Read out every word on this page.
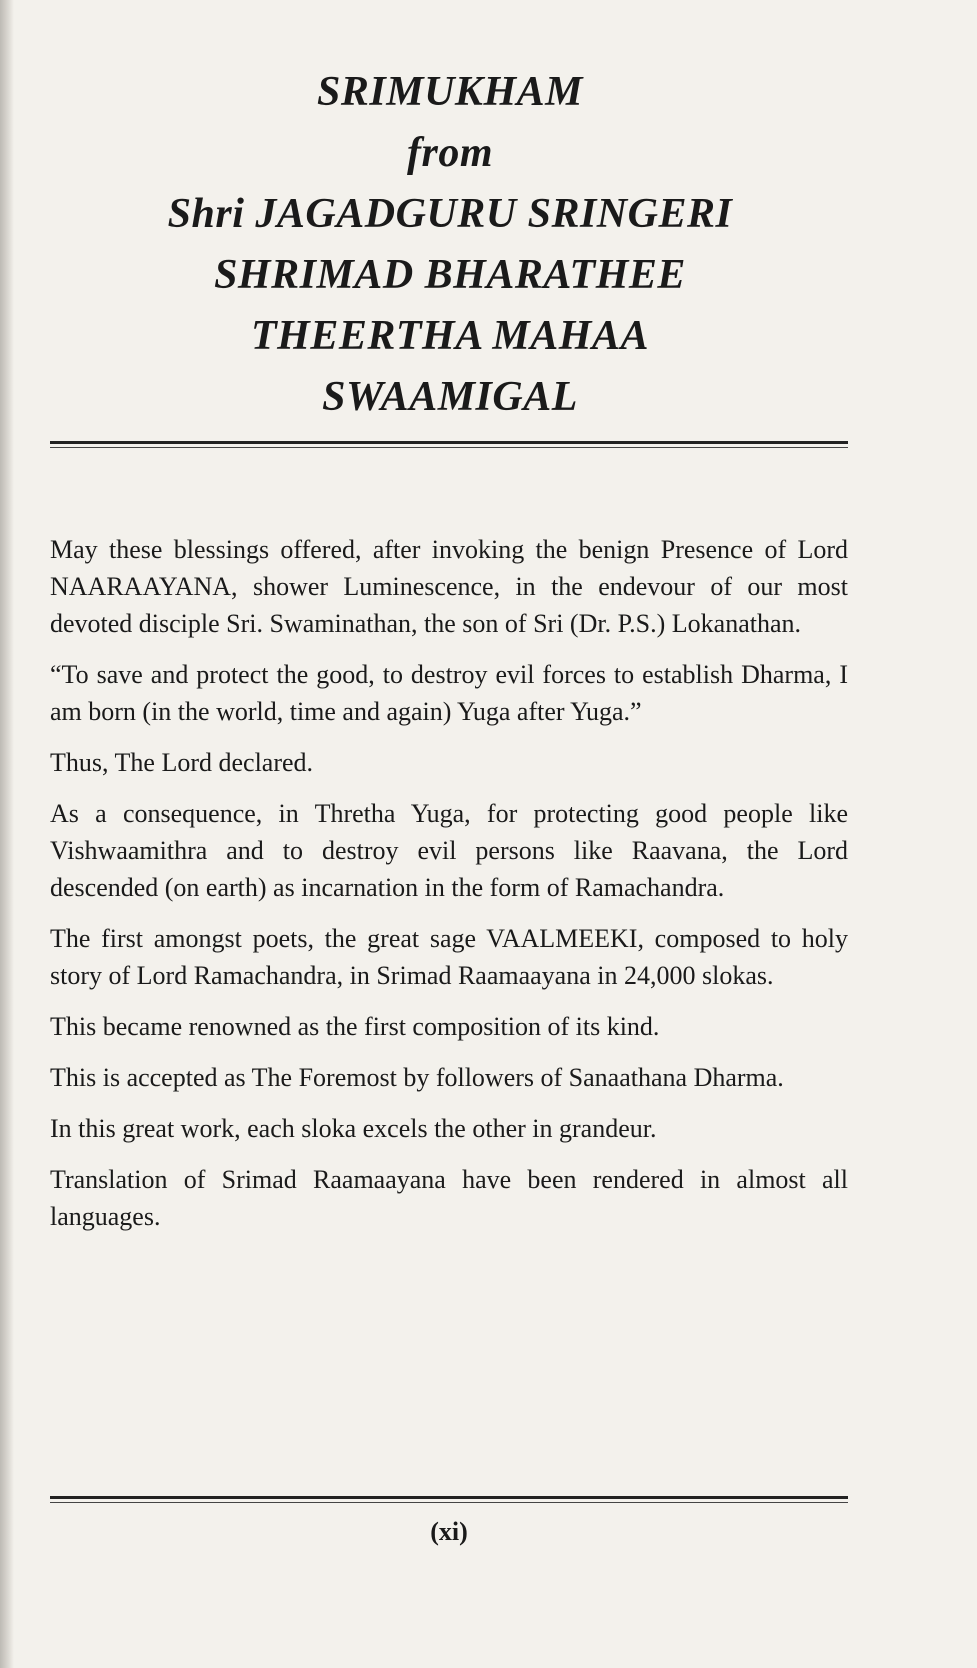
SRIMUKHAM
from
Shri JAGADGURU SRINGERI
SHRIMAD BHARATHEE
THEERTHA MAHAA
SWAAMIGAL

May these blessings offered, after invoking the benign Presence of Lord NAARAAYANA, shower Luminescence, in the endevour of our most devoted disciple Sri. Swaminathan, the son of Sri (Dr. P.S.) Lokanathan.

“To save and protect the good, to destroy evil forces to establish Dharma, I am born (in the world, time and again) Yuga after Yuga.”

Thus, The Lord declared.

As a consequence, in Thretha Yuga, for protecting good people like Vishwaamithra and to destroy evil persons like Raavana, the Lord descended (on earth) as incarnation in the form of Ramachandra.

The first amongst poets, the great sage VAALMEEKI, composed to holy story of Lord Ramachandra, in Srimad Raamaayana in 24,000 slokas.

This became renowned as the first composition of its kind.

This is accepted as The Foremost by followers of Sanaathana Dharma.

In this great work, each sloka excels the other in grandeur.

Translation of Srimad Raamaayana have been rendered in almost all languages.

(xi)
